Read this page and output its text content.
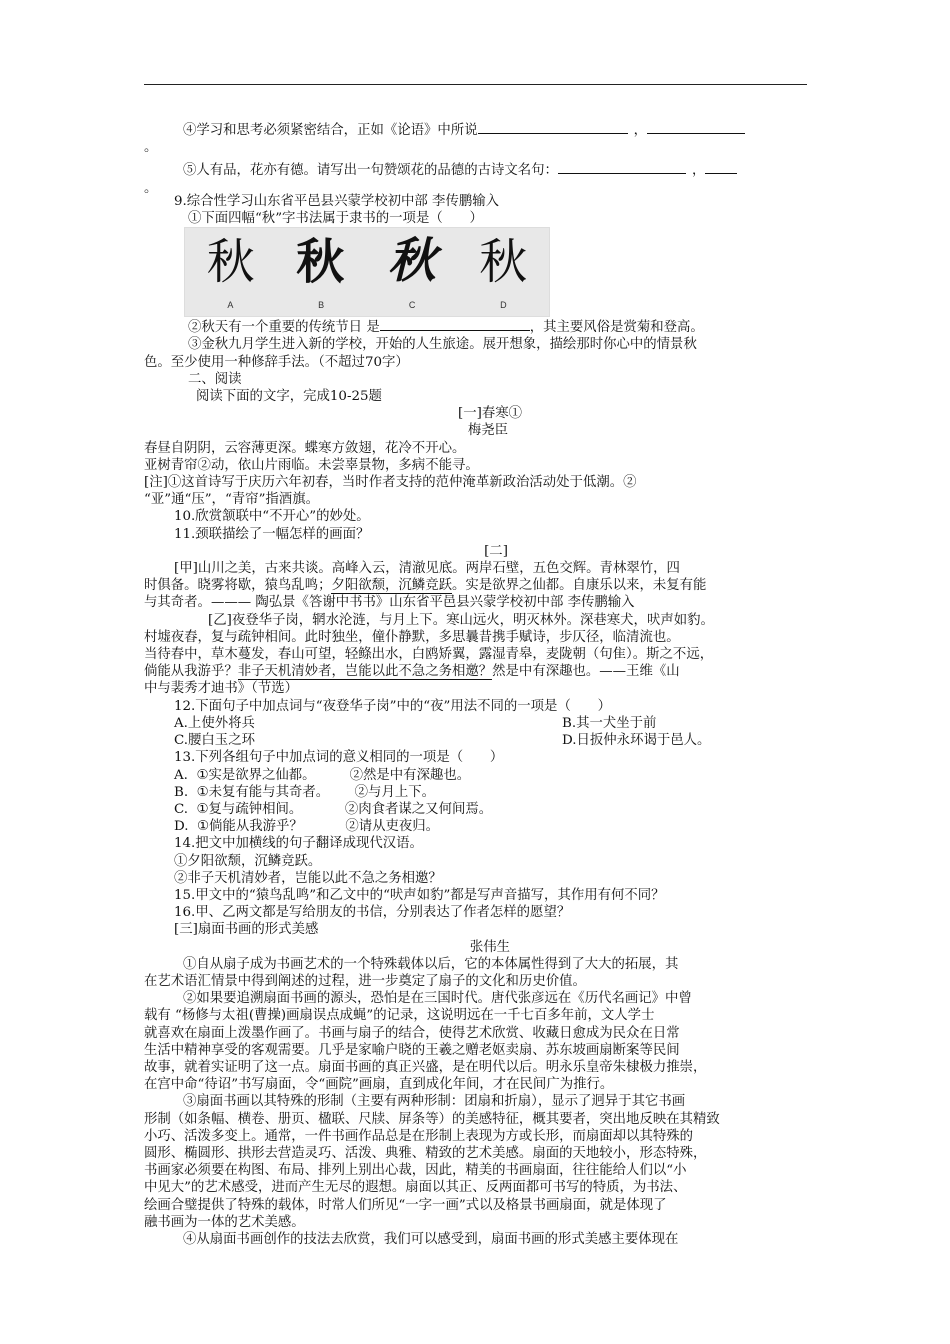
④学习和思考必须紧密结合，正如《论语》中所说	，
。
⑤人有品，花亦有德。请写出一句赞颂花的品德的古诗文名句：	，
。
9.综合性学习山东省平邑县兴蒙学校初中部 李传鹏输入
①下面四幅“秋”字书法属于隶书的一项是（　　）
秋 秋 秋 秋
A	B	C	D
②秋天有一个重要的传统节日 是	，其主要风俗是赏菊和登高。
③金秋九月学生进入新的学校，开始的人生旅途。展开想象，描绘那时你心中的情景秋
色。至少使用一种修辞手法。（不超过70字）
二、阅读
阅读下面的文字，完成10-25题
[一]春寒①
梅尧臣
春昼自阴阴，云容薄更深。蝶寒方敛翅，花冷不开心。
亚树青帘②动，依山片雨临。未尝辜景物，多病不能寻。
[注]①这首诗写于庆历六年初春，当时作者支持的范仲淹革新政治活动处于低潮。②
“亚”通“压”，“青帘”指酒旗。
10.欣赏颔联中“不开心”的妙处。
11.颈联描绘了一幅怎样的画面？
[二]
[甲]山川之美，古来共谈。高峰入云，清澈见底。两岸石壁，五色交辉。青林翠竹，四
时俱备。晓雾将歇，猿鸟乱鸣；夕阳欲颓，沉鳞竞跃。实是欲界之仙都。自康乐以来，未复有能
与其奇者。——— 陶弘景《答谢中书书》山东省平邑县兴蒙学校初中部 李传鹏输入
[乙]夜登华子岗，辋水沦涟，与月上下。寒山远火，明灭林外。深巷寒犬，吠声如豹。
村墟夜舂，复与疏钟相间。此时独坐，僮仆静默，多思曩昔携手赋诗，步仄径，临清流也。
当待春中，草木蔓发，春山可望，轻鲦出水，白鸥矫翼，露湿青皋，麦陇朝（句隹）。斯之不远，
倘能从我游乎？非子天机清妙者，岂能以此不急之务相邀？然是中有深趣也。——王维《山
中与裴秀才迪书》（节选）
12.下面句子中加点词与“夜登华子岗”中的“夜”用法不同的一项是（　　）
A.上使外将兵	B.其一犬坐于前
C.腰白玉之环	D.日扳仲永环谒于邑人。
13.下列各组句子中加点词的意义相同的一项是（　　）
A.  ①实是欲界之仙都。        ②然是中有深趣也。
B.  ①未复有能与其奇者。      ②与月上下。
C.  ①复与疏钟相间。          ②肉食者谋之又何间焉。
D.  ①倘能从我游乎？          ②请从吏夜归。
14.把文中加横线的句子翻译成现代汉语。
①夕阳欲颓，沉鳞竞跃。
②非子天机清妙者，岂能以此不急之务相邀？
15.甲文中的“猿鸟乱鸣”和乙文中的“吠声如豹”都是写声音描写，其作用有何不同？
16.甲、乙两文都是写给朋友的书信，分别表达了作者怎样的愿望？
[三]扇面书画的形式美感
张伟生
①自从扇子成为书画艺术的一个特殊载体以后，它的本体属性得到了大大的拓展，其
在艺术语汇情景中得到阐述的过程，进一步奠定了扇子的文化和历史价值。
②如果要追溯扇面书画的源头，恐怕是在三国时代。唐代张彦远在《历代名画记》中曾
载有 “杨修与太祖(曹操)画扇误点成蝇”的记录，这说明远在一千七百多年前，文人学士
就喜欢在扇面上泼墨作画了。书画与扇子的结合，使得艺术欣赏、收藏日愈成为民众在日常
生活中精神享受的客观需要。几乎是家喻户晓的王羲之赠老妪卖扇、苏东坡画扇断案等民间
故事，就着实证明了这一点。扇面书画的真正兴盛，是在明代以后。明永乐皇帝朱棣极力推崇，
在宫中命“待诏”书写扇面，令“画院”画扇，直到成化年间，才在民间广为推行。
③扇面书画以其特殊的形制（主要有两种形制：团扇和折扇），显示了迥异于其它书画
形制（如条幅、横卷、册页、楹联、尺牍、屏条等）的美感特征，概其要者，突出地反映在其精致
小巧、活泼多变上。通常，一件书画作品总是在形制上表现为方或长形，而扇面却以其特殊的
圆形、椭圆形、拱形去营造灵巧、活泼、典雅、精致的艺术美感。扇面的天地较小，形态特殊，
书画家必须要在构图、布局、排列上别出心裁，因此，精美的书画扇面，往往能给人们以“小
中见大”的艺术感受，进而产生无尽的遐想。扇面以其正、反两面都可书写的特质，为书法、
绘画合璧提供了特殊的载体，时常人们所见“一字一画”式以及格景书画扇面，就是体现了
融书画为一体的艺术美感。
④从扇面书画创作的技法去欣赏，我们可以感受到，扇面书画的形式美感主要体现在
